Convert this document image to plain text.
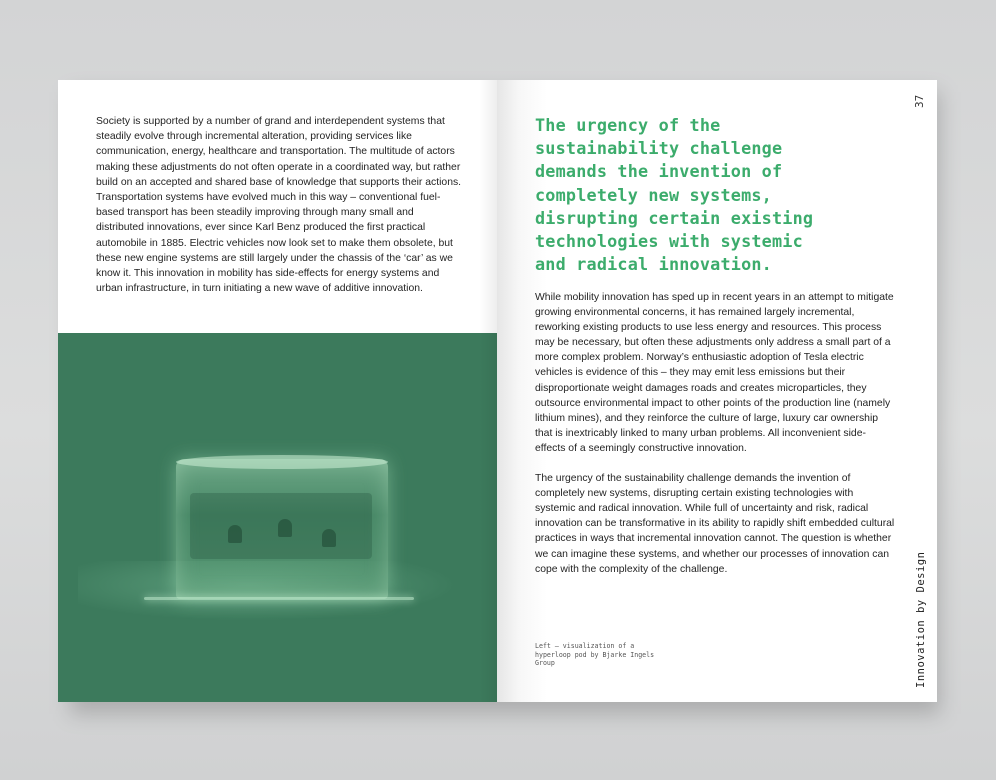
Society is supported by a number of grand and interdependent systems that steadily evolve through incremental alteration, providing services like communication, energy, healthcare and transportation. The multitude of actors making these adjustments do not often operate in a coordinated way, but rather build on an accepted and shared base of knowledge that supports their actions. Transportation systems have evolved much in this way – conventional fuel-based transport has been steadily improving through many small and distributed innovations, ever since Karl Benz produced the first practical automobile in 1885. Electric vehicles now look set to make them obsolete, but these new engine systems are still largely under the chassis of the ‘car’ as we know it. This innovation in mobility has side-effects for energy systems and urban infrastructure, in turn initiating a new wave of additive innovation.

37
The urgency of the
sustainability challenge
demands the invention of
completely new systems,
disrupting certain existing
technologies with systemic
and radical innovation.

While mobility innovation has sped up in recent years in an attempt to mitigate growing environmental concerns, it has remained largely incremental, reworking existing products to use less energy and resources. This process may be necessary, but often these adjustments only address a small part of a more complex problem. Norway’s enthusiastic adoption of Tesla electric vehicles is evidence of this – they may emit less emissions but their disproportionate weight damages roads and creates microparticles, they outsource environmental impact to other points of the production line (namely lithium mines), and they reinforce the culture of large, luxury car ownership that is inextricably linked to many urban problems. All inconvenient side-effects of a seemingly constructive innovation.

The urgency of the sustainability challenge demands the invention of completely new systems, disrupting certain existing technologies with systemic and radical innovation. While full of uncertainty and risk, radical innovation can be transformative in its ability to rapidly shift embedded cultural practices in ways that incremental innovation cannot. The question is whether we can imagine these systems, and whether our processes of innovation can cope with the complexity of the challenge.

Left – visualization of a hyperloop pod by Bjarke Ingels Group	Innovation by Design
